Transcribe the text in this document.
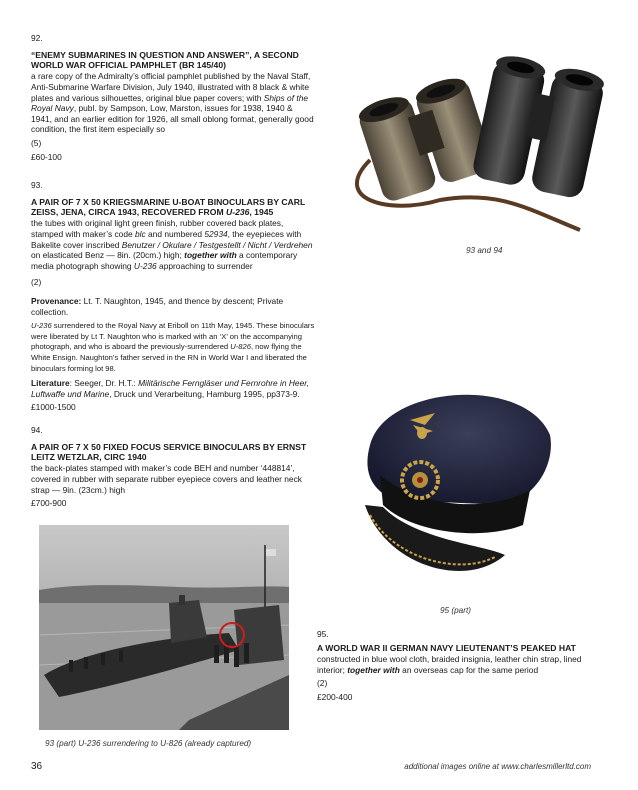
92.
“ENEMY SUBMARINES IN QUESTION AND ANSWER”, A SECOND WORLD WAR OFFICIAL PAMPHLET (BR 145/40)

a rare copy of the Admiralty’s official pamphlet published by the Naval Staff, Anti-Submarine Warfare Division, July 1940, illustrated with 8 black & white plates and various silhouettes, original blue paper covers; with Ships of the Royal Navy, publ. by Sampson, Low, Marston, issues for 1938, 1940 & 1941, and an earlier edition for 1926, all small oblong format, generally good condition, the first item especially so

(5)
£60-100
93.
A PAIR OF 7 X 50 KRIEGSMARINE U-BOAT BINOCULARS BY CARL ZEISS, JENA, CIRCA 1943, RECOVERED FROM U-236, 1945

the tubes with original light green finish, rubber covered back plates, stamped with maker’s code blc and numbered 52934, the eyepieces with Bakelite cover inscribed Benutzer / Okulare / Testgestellt / Nicht / Verdrehen on elasticated Benz — 8in. (20cm.) high; together with a contemporary media photograph showing U-236 approaching to surrender

(2)

Provenance: Lt. T. Naughton, 1945, and thence by descent; Private collection.

U-236 surrendered to the Royal Navy at Eriboll on 11th May, 1945. These binoculars were liberated by Lt T. Naughton who is marked with an ‘X’ on the accompanying photograph, and who is aboard the previously-surrendered U-826, now flying the White Ensign. Naughton’s father served in the RN in World War I and liberated the binoculars forming lot 98.

Literature: Seeger, Dr. H.T.: Militärische Ferngläser und Fernrohre in Heer, Luftwaffe und Marine, Druck und Verarbeitung, Hamburg 1995, pp373-9.

£1000-1500
94.
A PAIR OF 7 X 50 FIXED FOCUS SERVICE BINOCULARS BY ERNST LEITZ WETZLAR, CIRC 1940

the back-plates stamped with maker’s code BEH and number ‘448814’, covered in rubber with separate rubber eyepiece covers and leather neck strap — 9in. (23cm.) high

£700-900
95.
A WORLD WAR II GERMAN NAVY LIEUTENANT’S PEAKED HAT

constructed in blue wool cloth, braided insignia, leather chin strap, lined interior; together with an overseas cap for the same period

(2)
£200-400
93 and 94
95 (part)
93 (part) U-236 surrendering to U-826 (already captured)
36	additional images online at www.charlesmillerltd.com
